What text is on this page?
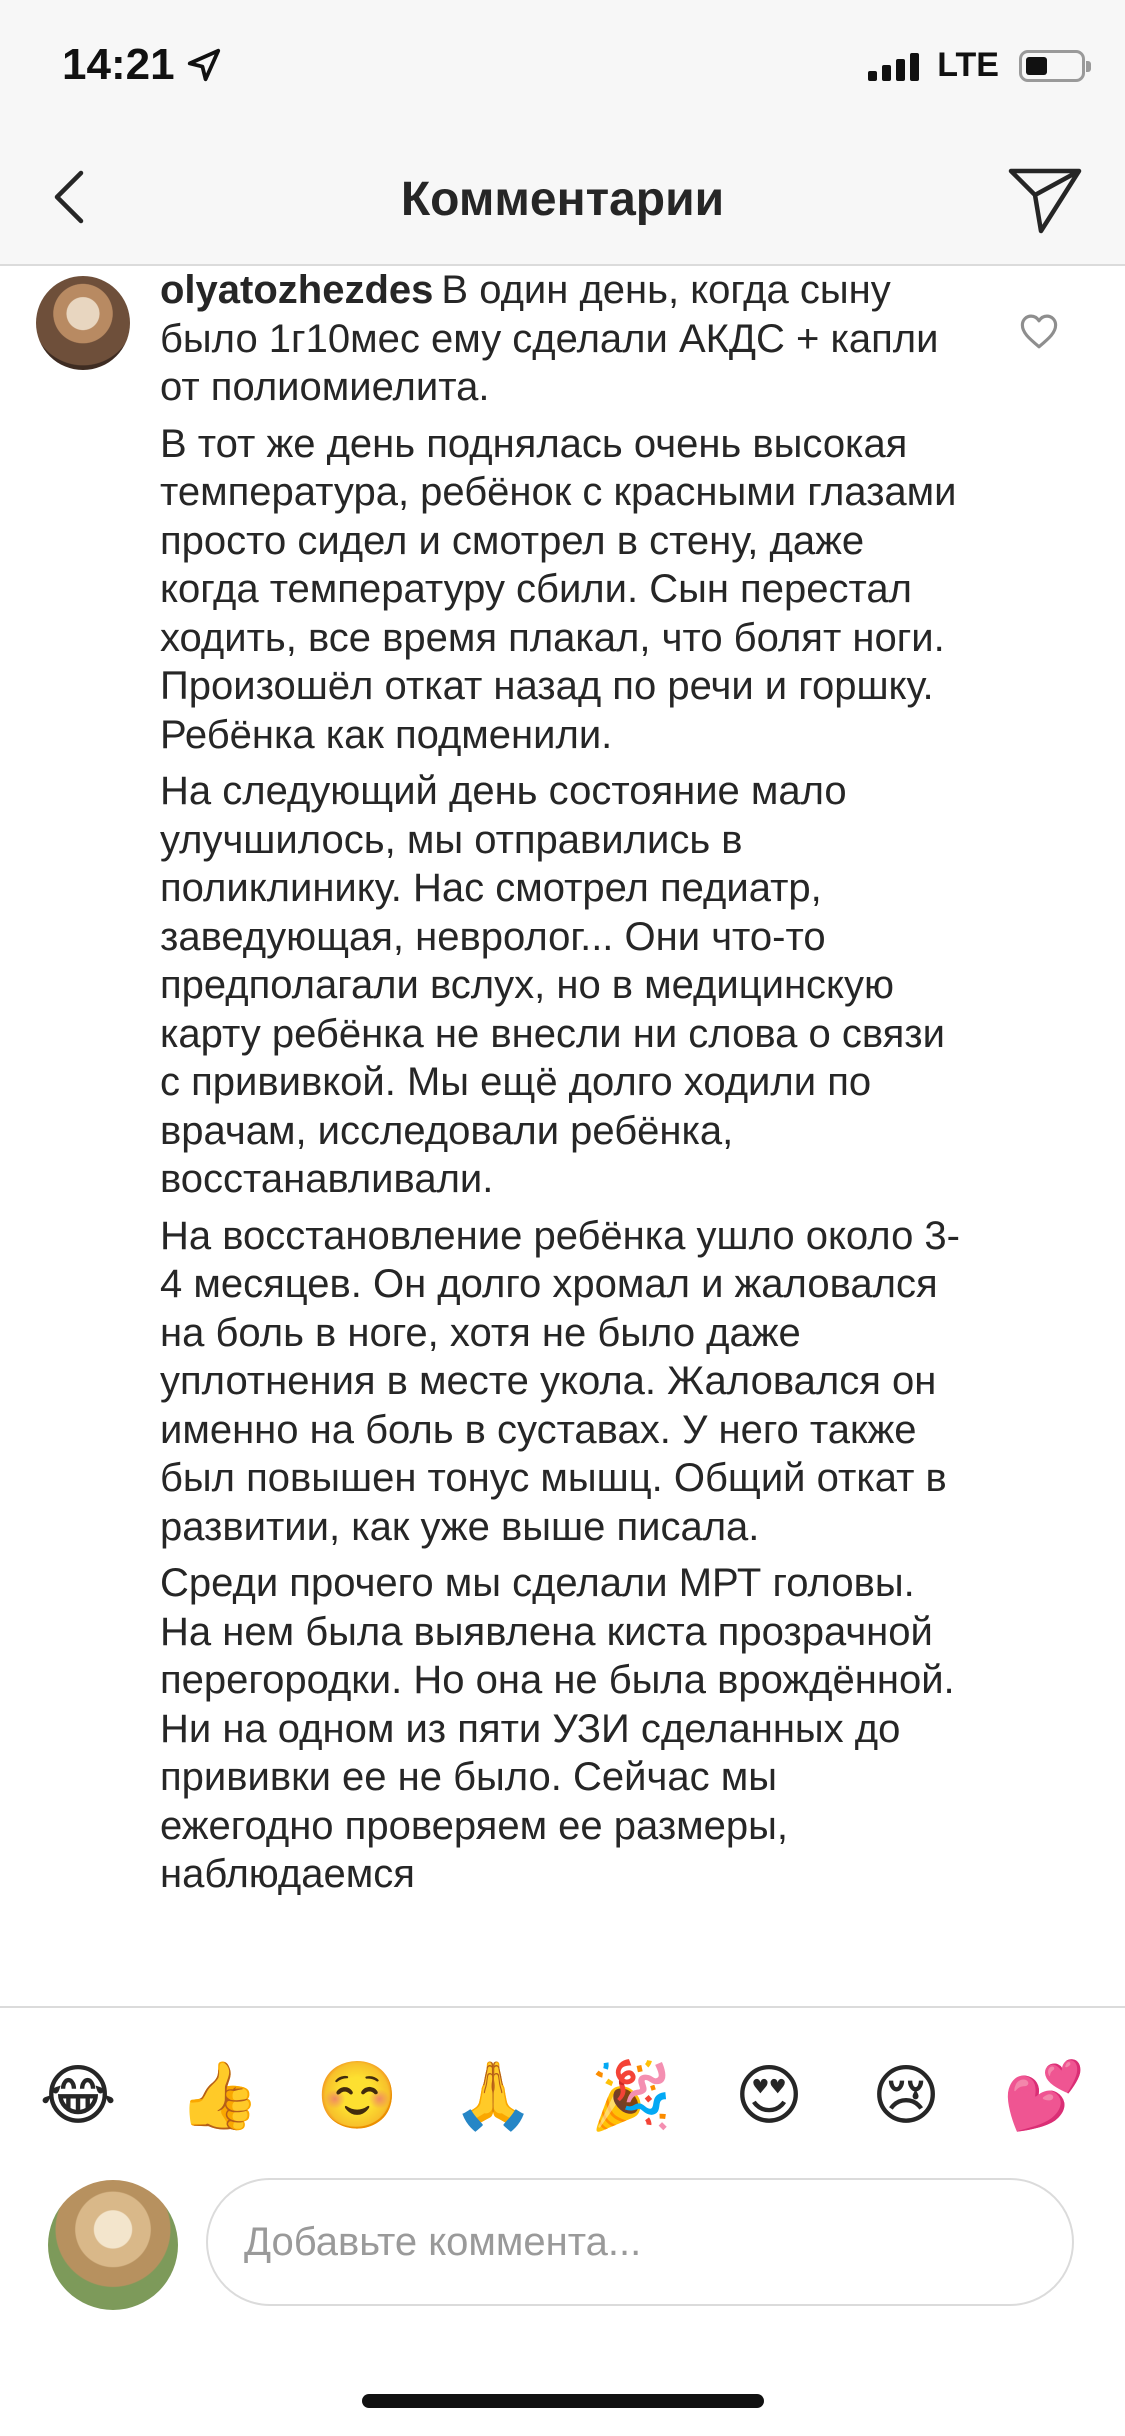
14:21	LTE
Комментарии

olyatozhezdes В один день, когда сыну было 1г10мес ему сделали АКДС + капли от полиомиелита.

В тот же день поднялась очень высокая температура, ребёнок с красными глазами просто сидел и смотрел в стену, даже когда температуру сбили. Сын перестал ходить, все время плакал, что болят ноги. Произошёл откат назад по речи и горшку. Ребёнка как подменили.

На следующий день состояние мало улучшилось, мы отправились в поликлинику. Нас смотрел педиатр, заведующая, невролог... Они что-то предполагали вслух, но в медицинскую карту ребёнка не внесли ни слова о связи с прививкой. Мы ещё долго ходили по врачам, исследовали ребёнка, восстанавливали.

На восстановление ребёнка ушло около 3-4 месяцев. Он долго хромал и жаловался на боль в ноге, хотя не было даже уплотнения в месте укола. Жаловался он именно на боль в суставах. У него также был повышен тонус мышц. Общий откат в развитии, как уже выше писала.

Среди прочего мы сделали МРТ головы. На нем была выявлена киста прозрачной перегородки. Но она не была врождённой. Ни на одном из пяти УЗИ сделанных до прививки ее не было. Сейчас мы ежегодно проверяем ее размеры, наблюдаемся

😂 👍 ☺️ 🙏 🎉 😍 😢 💕
Добавьте коммента...
